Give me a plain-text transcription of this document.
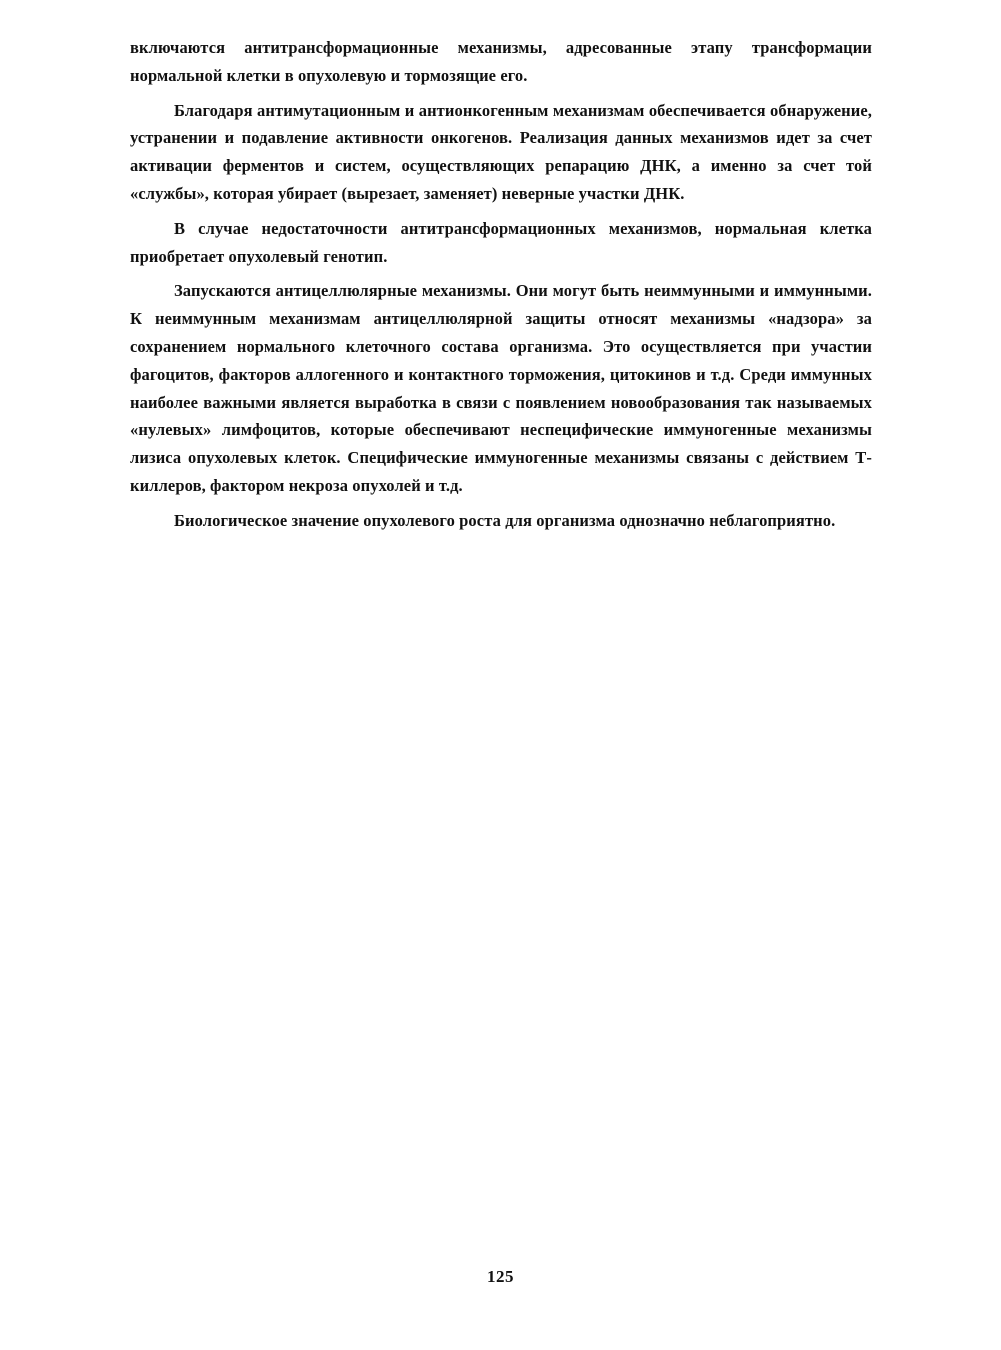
включаются антитрансформационные механизмы, адресованные этапу трансформации нормальной клетки в опухолевую и тормозящие его.

Благодаря антимутационным и антионкогенным механизмам обеспечивается обнаружение, устранении и подавление активности онкогенов. Реализация данных механизмов идет за счет активации ферментов и систем, осуществляющих репарацию ДНК, а именно за счет той «службы», которая убирает (вырезает, заменяет) неверные участки ДНК.

В случае недостаточности антитрансформационных механизмов, нормальная клетка приобретает опухолевый генотип.

Запускаются антицеллюлярные механизмы. Они могут быть неиммунными и иммунными. К неиммунным механизмам антицеллюлярной защиты относят механизмы «надзора» за сохранением нормального клеточного состава организма. Это осуществляется при участии фагоцитов, факторов аллогенного и контактного торможения, цитокинов и т.д. Среди иммунных наиболее важными является выработка в связи с появлением новообразования так называемых «нулевых» лимфоцитов, которые обеспечивают неспецифические иммуногенные механизмы лизиса опухолевых клеток. Специфические иммуногенные механизмы связаны с действием Т-киллеров, фактором некроза опухолей и т.д.

Биологическое значение опухолевого роста для организма однозначно неблагоприятно.

125
